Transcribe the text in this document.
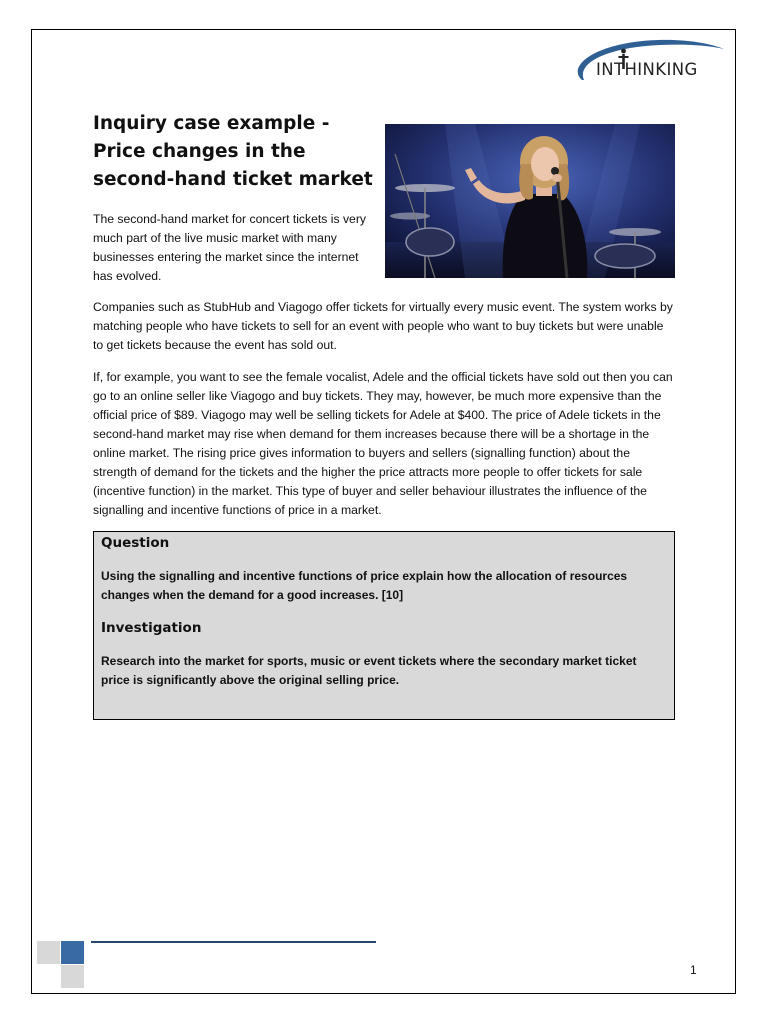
INTHINKING
Inquiry case example - Price changes in the second-hand ticket market

The second-hand market for concert tickets is very much part of the live music market with many businesses entering the market since the internet has evolved.

Companies such as StubHub and Viagogo offer tickets for virtually every music event. The system works by matching people who have tickets to sell for an event with people who want to buy tickets but were unable to get tickets because the event has sold out.

If, for example, you want to see the female vocalist, Adele and the official tickets have sold out then you can go to an online seller like Viagogo and buy tickets. They may, however, be much more expensive than the official price of $89. Viagogo may well be selling tickets for Adele at $400. The price of Adele tickets in the second-hand market may rise when demand for them increases because there will be a shortage in the online market. The rising price gives information to buyers and sellers (signalling function) about the strength of demand for the tickets and the higher the price attracts more people to offer tickets for sale (incentive function) in the market. This type of buyer and seller behaviour illustrates the influence of the signalling and incentive functions of price in a market.

Question

Using the signalling and incentive functions of price explain how the allocation of resources changes when the demand for a good increases. [10]

Investigation

Research into the market for sports, music or event tickets where the secondary market ticket price is significantly above the original selling price.

1
